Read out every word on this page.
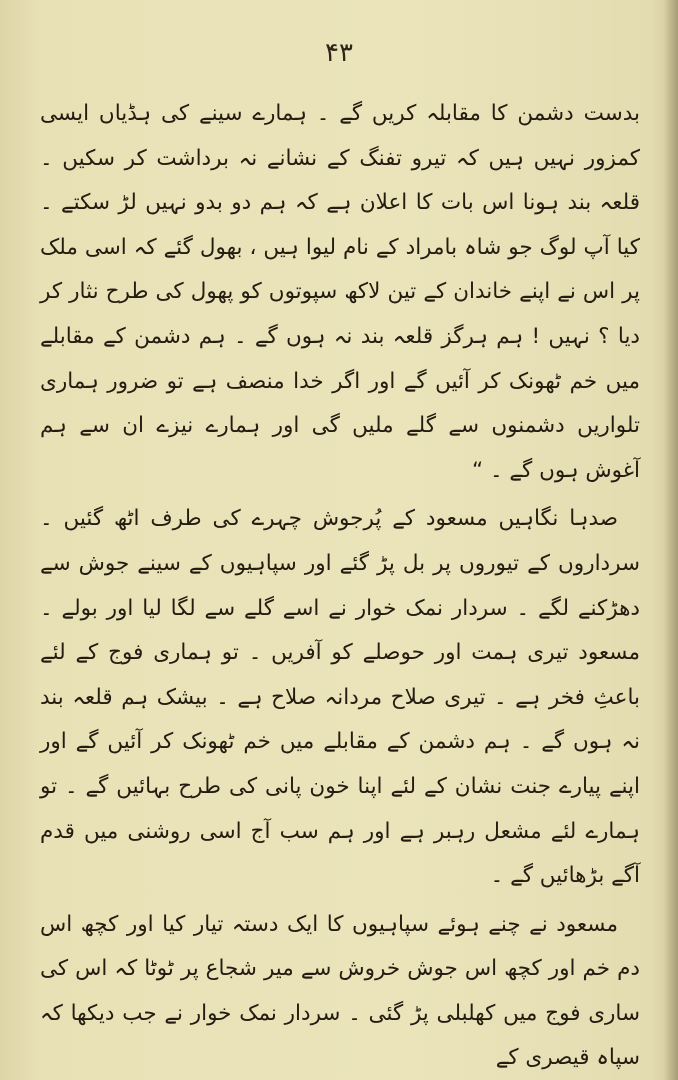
۴۳

بدست دشمن کا مقابلہ کریں گے ۔ ہمارے سینے کی ہڈیاں ایسی کمزور نہیں ہیں کہ تیرو تفنگ کے نشانے نہ برداشت کر سکیں ۔ قلعہ بند ہونا اس بات کا اعلان ہے کہ ہم دو بدو نہیں لڑ سکتے ۔ کیا آپ لوگ جو شاہ بامراد کے نام لیوا ہیں ، بھول گئے کہ اسی ملک پر اس نے اپنے خاندان کے تین لاکھ سپوتوں کو پھول کی طرح نثار کر دیا ؟ نہیں ! ہم ہرگز قلعہ بند نہ ہوں گے ۔ ہم دشمن کے مقابلے میں خم ٹھونک کر آئیں گے اور اگر خدا منصف ہے تو ضرور ہماری تلواریں دشمنوں سے گلے ملیں گی اور ہمارے نیزے ان سے ہم آغوش ہوں گے ۔ “

صدہا نگاہیں مسعود کے پُرجوش چہرے کی طرف اٹھ گئیں ۔ سرداروں کے تیوروں پر بل پڑ گئے اور سپاہیوں کے سینے جوش سے دھڑکنے لگے ۔ سردار نمک خوار نے اسے گلے سے لگا لیا اور بولے ۔ مسعود تیری ہمت اور حوصلے کو آفریں ۔ تو ہماری فوج کے لئے باعثِ فخر ہے ۔ تیری صلاح مردانہ صلاح ہے ۔ بیشک ہم قلعہ بند نہ ہوں گے ۔ ہم دشمن کے مقابلے میں خم ٹھونک کر آئیں گے اور اپنے پیارے جنت نشان کے لئے اپنا خون پانی کی طرح بہائیں گے ۔ تو ہمارے لئے مشعل رہبر ہے اور ہم سب آج اسی روشنی میں قدم آگے بڑھائیں گے ۔

مسعود نے چنے ہوئے سپاہیوں کا ایک دستہ تیار کیا اور کچھ اس دم خم اور کچھ اس جوش خروش سے میر شجاع پر ٹوٹا کہ اس کی ساری فوج میں کھلبلی پڑ گئی ۔ سردار نمک خوار نے جب دیکھا کہ سپاہ قیصری کے
